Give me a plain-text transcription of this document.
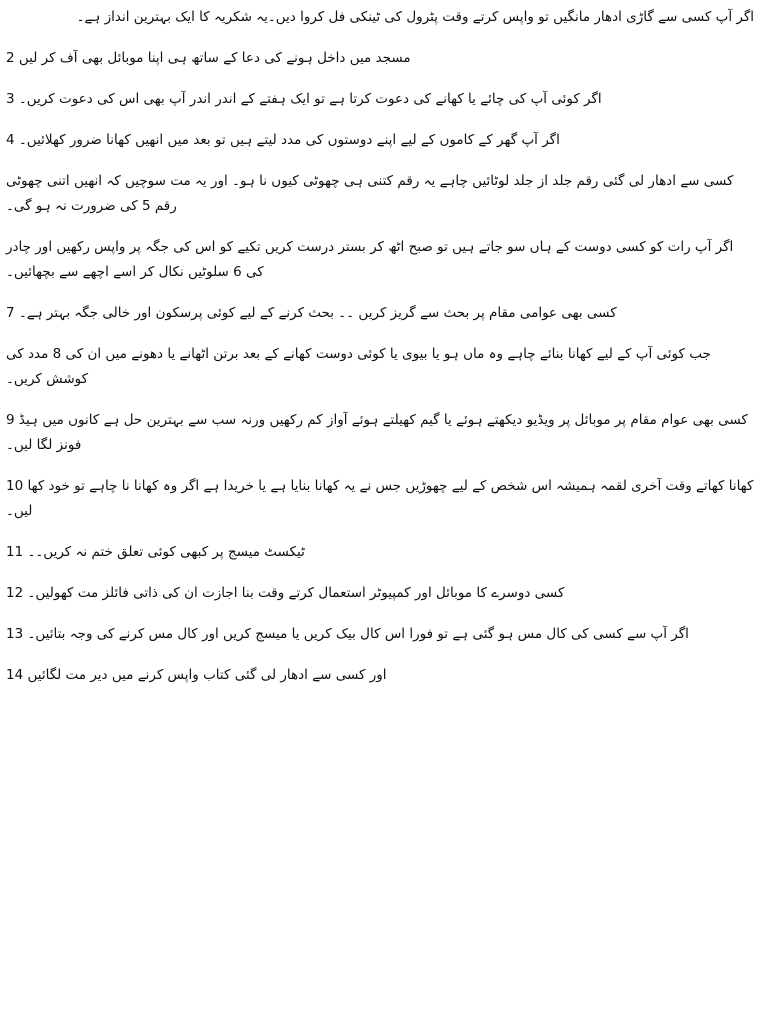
اگر آپ کسی سے گاڑی ادھار مانگیں تو واپس کرتے وقت پٹرول کی ٹینکی فل کروا دیں۔یہ شکریہ کا ایک بہترین انداز ہے۔
مسجد میں داخل ہونے کی دعا کے ساتھ ہی اپنا موبائل بھی آف کر لیں 2
اگر کوئی آپ کی چائے یا کھانے کی دعوت کرتا ہے تو ایک ہفتے کے اندر اندر آپ بھی اس کی دعوت کریں۔ 3
اگر آپ گھر کے کاموں کے لیے اپنے دوستوں کی مدد لیتے ہیں تو بعد میں انھیں کھانا ضرور کھلائیں۔ 4
کسی سے ادھار لی گئی رقم جلد از جلد لوٹائیں چاہے یہ رقم کتنی ہی چھوٹی کیوں نا ہو۔ اور یہ مت سوچیں کہ انھیں اتنی چھوٹی رقم 5 کی ضرورت نہ ہو گی۔
اگر آپ رات کو کسی دوست کے ہاں سو جاتے ہیں تو صبح اٹھ کر بستر درست کریں تکیے کو اس کی جگہ پر واپس رکھیں اور چادر کی 6 سلوٹیں نکال کر اسے اچھے سے بچھائیں۔
کسی بھی عوامی مقام پر بحث سے گریز کریں ۔۔ بحث کرنے کے لیے کوئی پرسکون اور خالی جگہ بہتر ہے۔ 7
جب کوئی آپ کے لیے کھانا بنائے چاہے وہ ماں ہو یا بیوی یا کوئی دوست کھانے کے بعد برتن اٹھانے یا دھونے میں ان کی 8 مدد کی کوشش کریں۔
کسی بھی عوام مقام پر موبائل پر ویڈیو دیکھتے ہوئے یا گیم کھیلتے ہوئے آواز کم رکھیں ورنہ سب سے بہترین حل ہے کانوں میں ہیڈ 9 فونز لگا لیں۔
کھانا کھاتے وقت آخری لقمہ ہمیشہ اس شخص کے لیے چھوڑیں جس نے یہ کھانا بنایا ہے یا خریدا ہے اگر وہ کھانا نا چاہے تو خود کھا 10 لیں۔
ٹیکسٹ میسج پر کبھی کوئی تعلق ختم نہ کریں۔۔ 11
کسی دوسرے کا موبائل اور کمپیوٹر استعمال کرتے وقت بنا اجازت ان کی ذاتی فائلز مت کھولیں۔ 12
اگر آپ سے کسی کی کال مس ہو گئی ہے تو فورا اس کال بیک کریں یا میسج کریں اور کال مس کرنے کی وجہ بتائیں۔ 13
اور کسی سے ادھار لی گئی کتاب واپس کرنے میں دیر مت لگائیں 14
